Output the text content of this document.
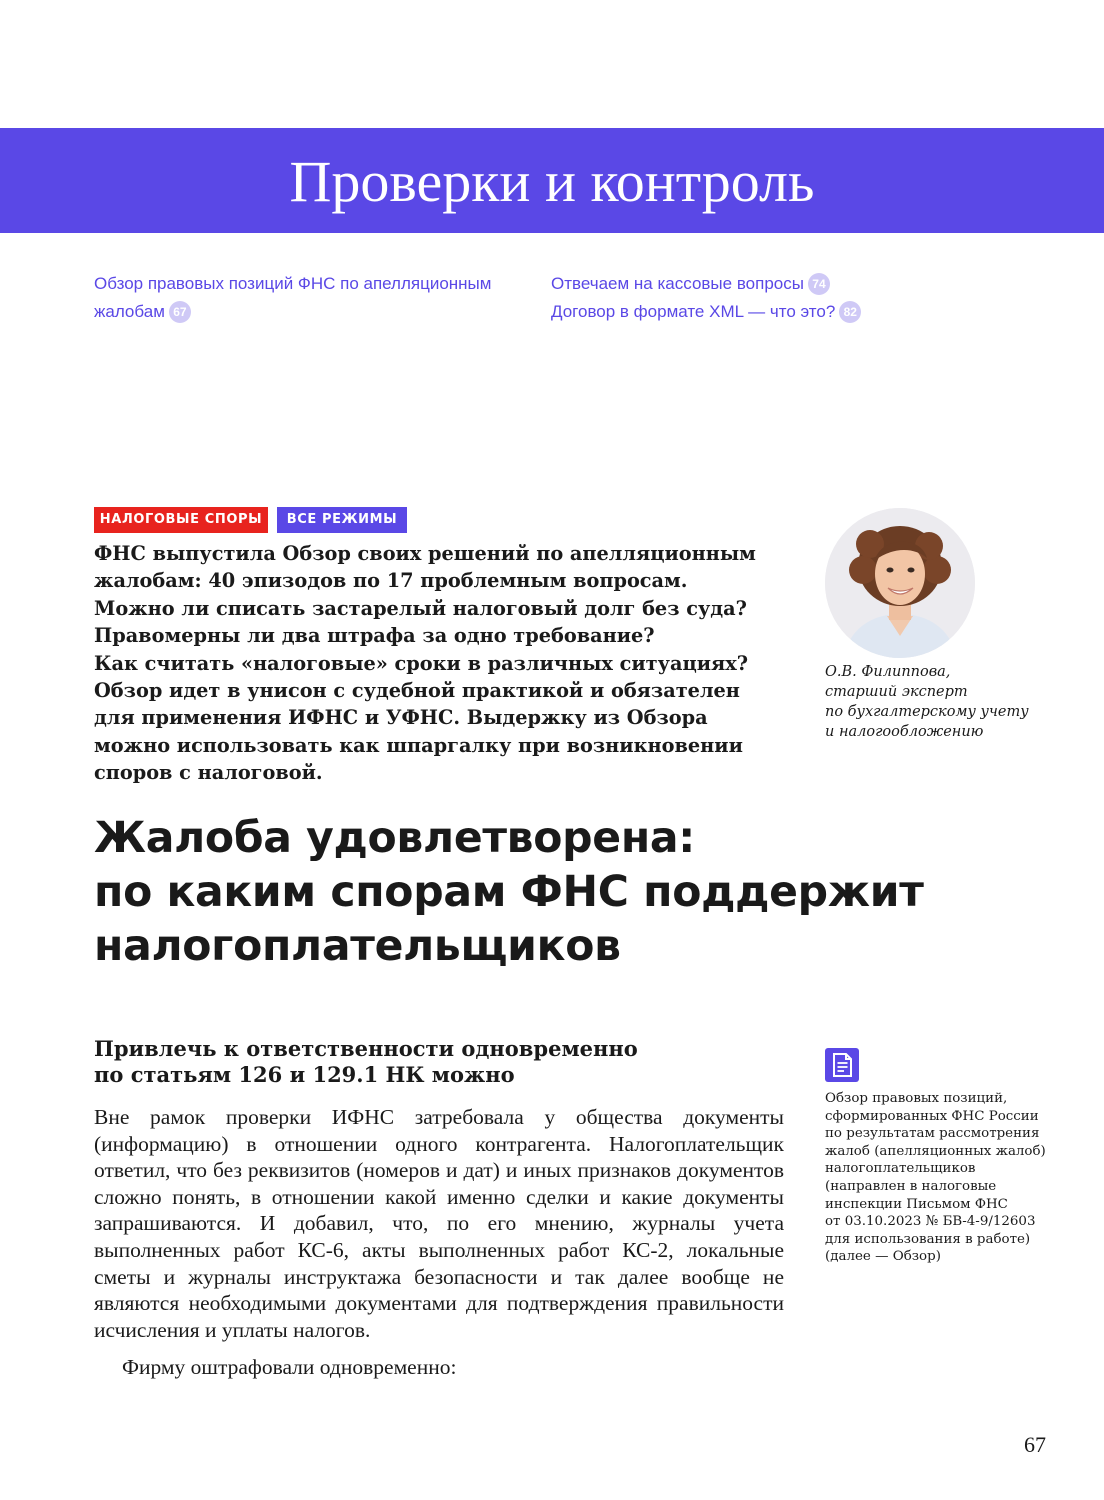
Проверки и контроль
Обзор правовых позиций ФНС по апелляционным
жалобам 67
Отвечаем на кассовые вопросы 74
Договор в формате XML — что это? 82
НАЛОГОВЫЕ СПОРЫ	ВСЕ РЕЖИМЫ

ФНС выпустила Обзор своих решений по апелляционным
жалобам: 40 эпизодов по 17 проблемным вопросам.
Можно ли списать застарелый налоговый долг без суда?
Правомерны ли два штрафа за одно требование?
Как считать «налоговые» сроки в различных ситуациях?
Обзор идет в унисон с судебной практикой и обязателен
для применения ИФНС и УФНС. Выдержку из Обзора
можно использовать как шпаргалку при возникновении
споров с налоговой.

О.В. Филиппова,
старший эксперт
по бухгалтерскому учету
и налогообложению
Жалоба удовлетворена:
по каким спорам ФНС поддержит
налогоплательщиков
Привлечь к ответственности одновременно
по статьям 126 и 129.1 НК можно

Вне рамок проверки ИФНС затребовала у общества документы (информацию) в отношении одного контрагента. Налогоплательщик ответил, что без реквизитов (номеров и дат) и иных признаков документов сложно понять, в отношении какой именно сделки и какие документы запрашиваются. И добавил, что, по его мнению, журналы учета выполненных работ КС-6, акты выполненных работ КС-2, локальные сметы и журналы инструктажа безопасности и так далее вообще не являются необходимыми документами для подтверждения правильности исчисления и уплаты налогов.

Фирму оштрафовали одновременно:

Обзор правовых позиций,
сформированных ФНС России
по результатам рассмотрения
жалоб (апелляционных жалоб)
налогоплательщиков
(направлен в налоговые
инспекции Письмом ФНС
от 03.10.2023 № БВ-4-9/12603
для использования в работе)
(далее — Обзор)
67
